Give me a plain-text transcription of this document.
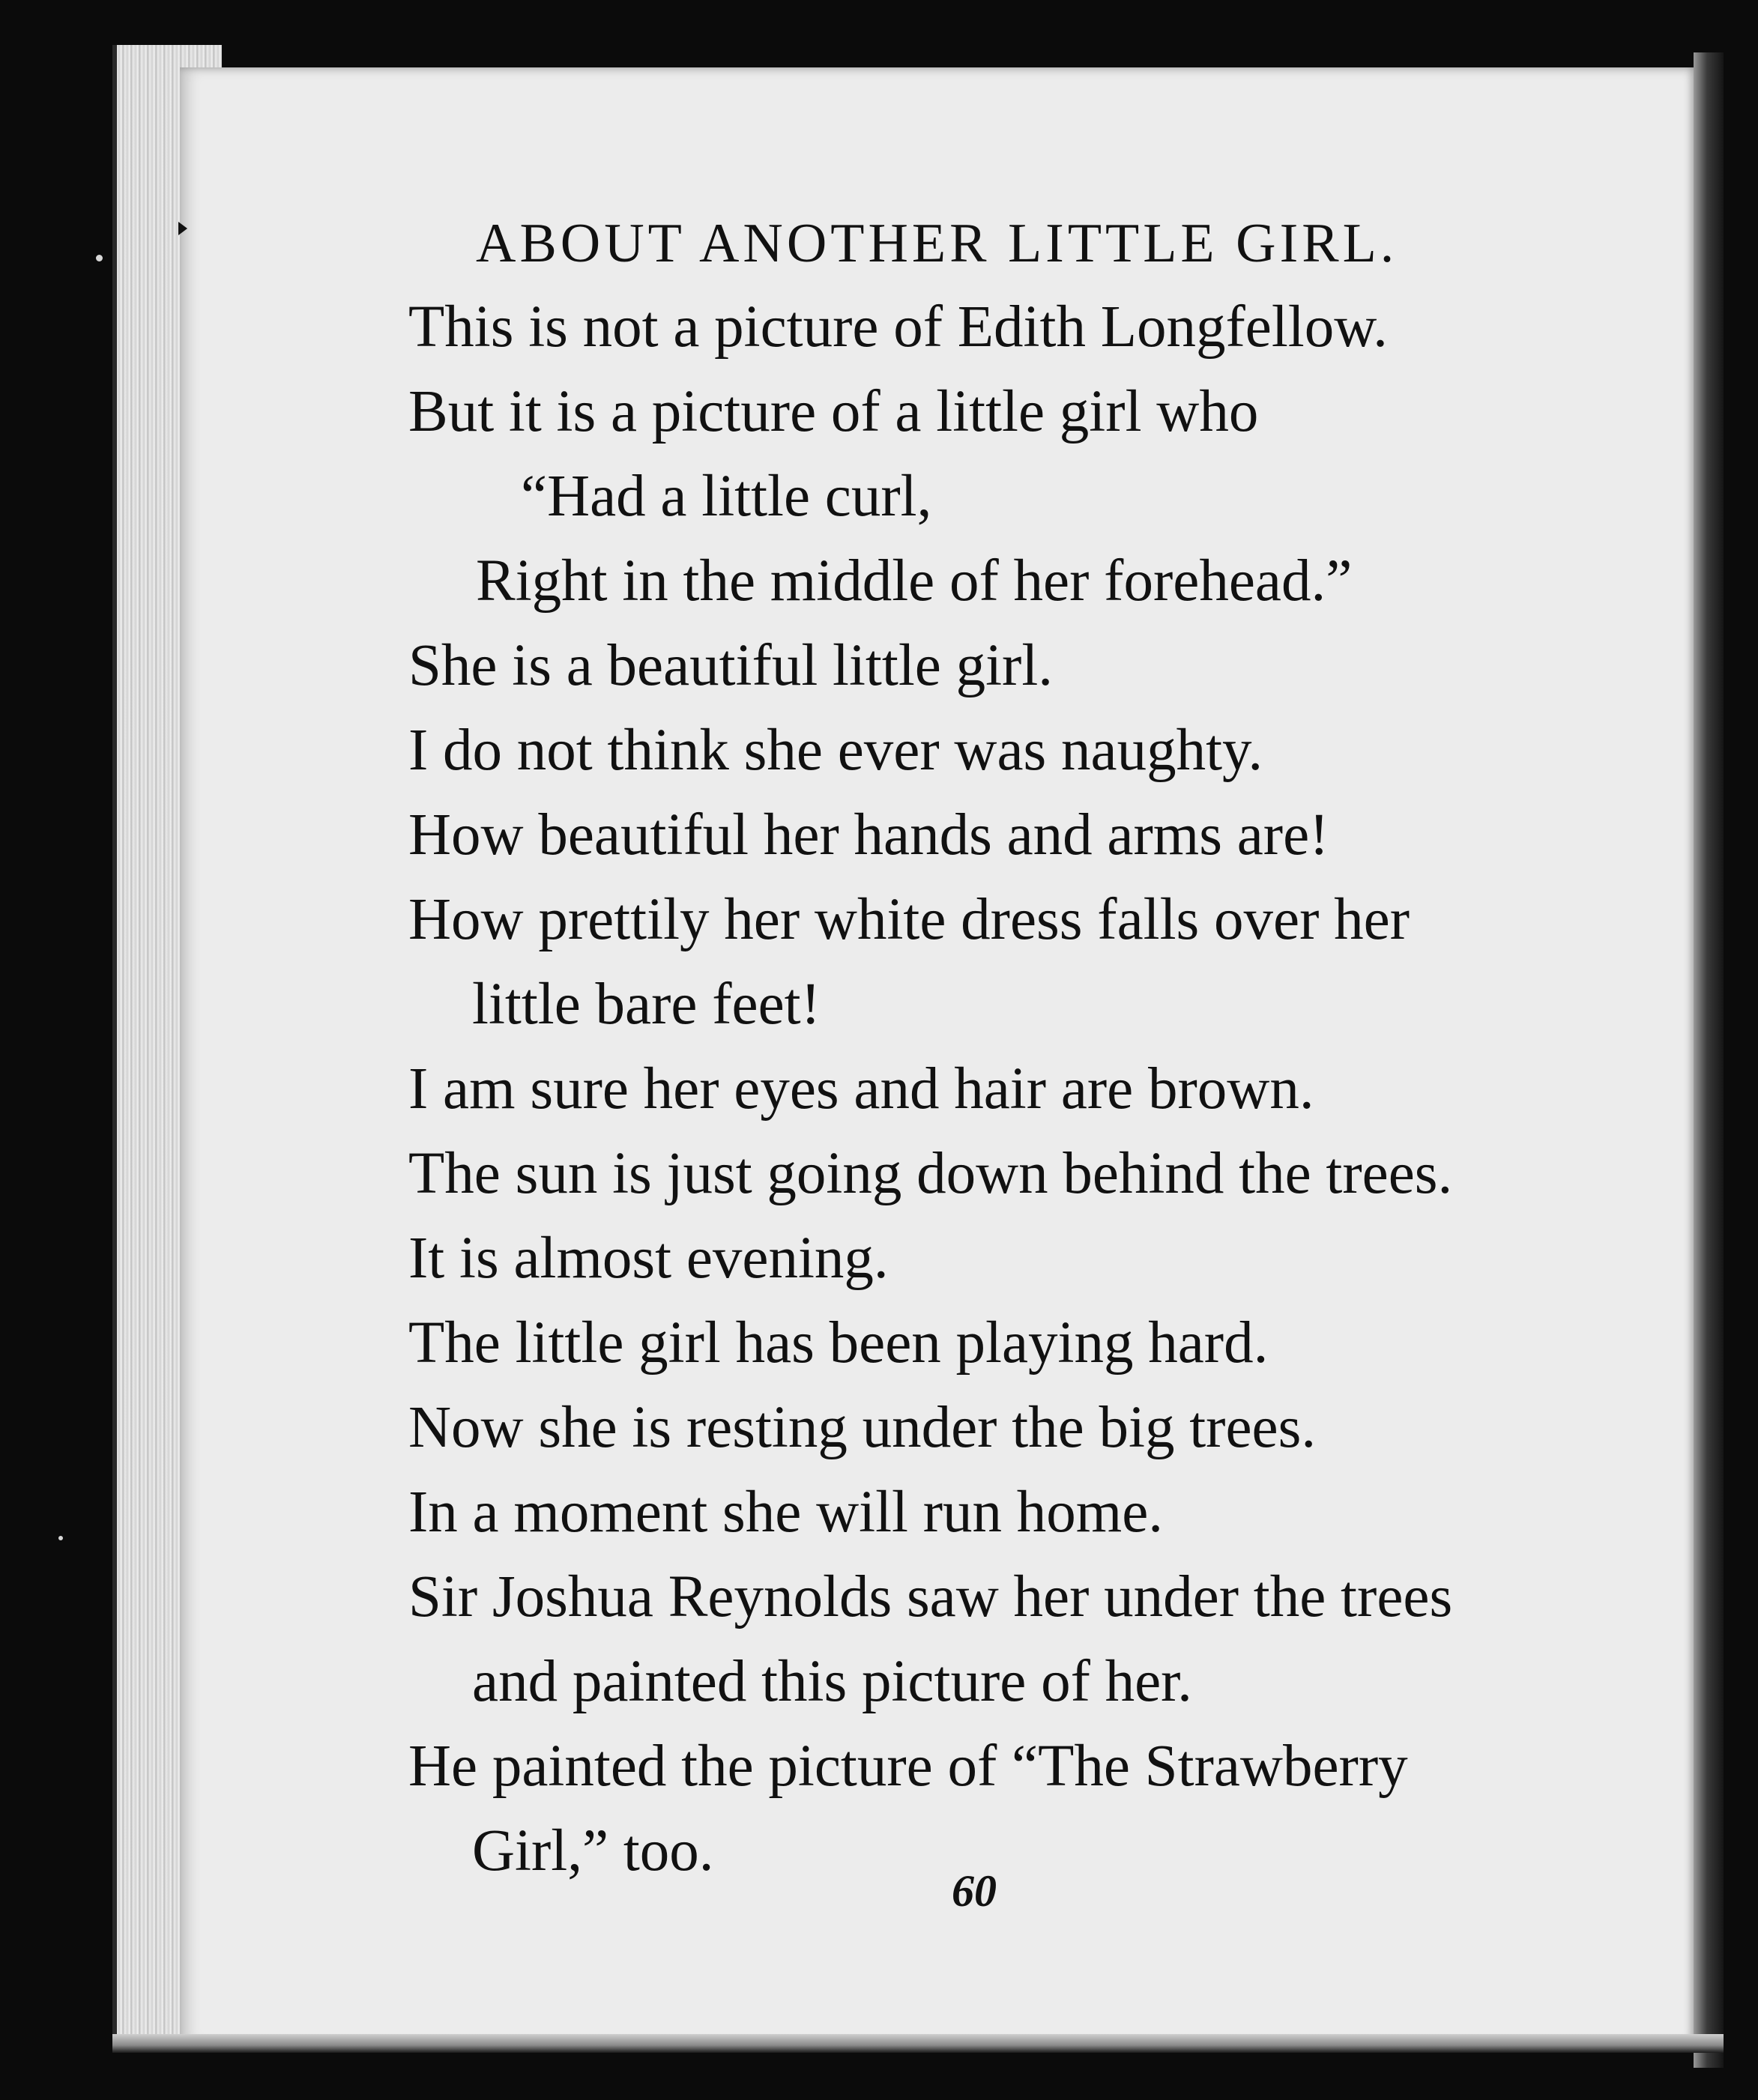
ABOUT ANOTHER LITTLE GIRL.
This is not a picture of Edith Longfellow.
But it is a picture of a little girl who
“Had a little curl,
Right in the middle of her forehead.”
She is a beautiful little girl.
I do not think she ever was naughty.
How beautiful her hands and arms are!
How prettily her white dress falls over her
little bare feet!
I am sure her eyes and hair are brown.
The sun is just going down behind the trees.
It is almost evening.
The little girl has been playing hard.
Now she is resting under the big trees.
In a moment she will run home.
Sir Joshua Reynolds saw her under the trees
and painted this picture of her.
He painted the picture of “The Strawberry
Girl,” too.
60
